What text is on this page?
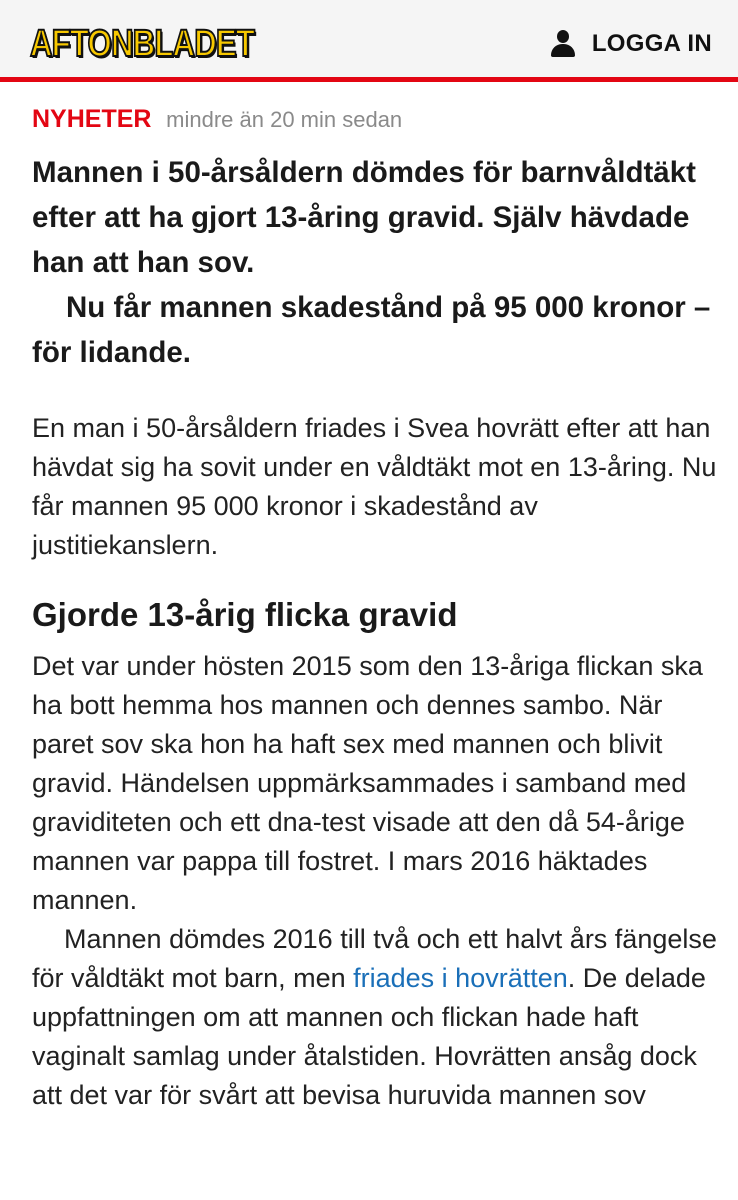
AFTONBLADET	LOGGA IN
NYHETER mindre än 20 min sedan

Mannen i 50-årsåldern dömdes för barnvåldtäkt efter att ha gjort 13-åring gravid. Själv hävdade han att han sov.

Nu får mannen skadestånd på 95 000 kronor – för lidande.

En man i 50-årsåldern friades i Svea hovrätt efter att han hävdat sig ha sovit under en våldtäkt mot en 13-åring. Nu får mannen 95 000 kronor i skadestånd av justitiekanslern.

Gjorde 13-årig flicka gravid

Det var under hösten 2015 som den 13-åriga flickan ska ha bott hemma hos mannen och dennes sambo. När paret sov ska hon ha haft sex med mannen och blivit gravid. Händelsen uppmärksammades i samband med graviditeten och ett dna-test visade att den då 54-årige mannen var pappa till fostret. I mars 2016 häktades mannen.

Mannen dömdes 2016 till två och ett halvt års fängelse för våldtäkt mot barn, men friades i hovrätten. De delade uppfattningen om att mannen och flickan hade haft vaginalt samlag under åtalstiden. Hovrätten ansåg dock att det var för svårt att bevisa huruvida mannen sov
